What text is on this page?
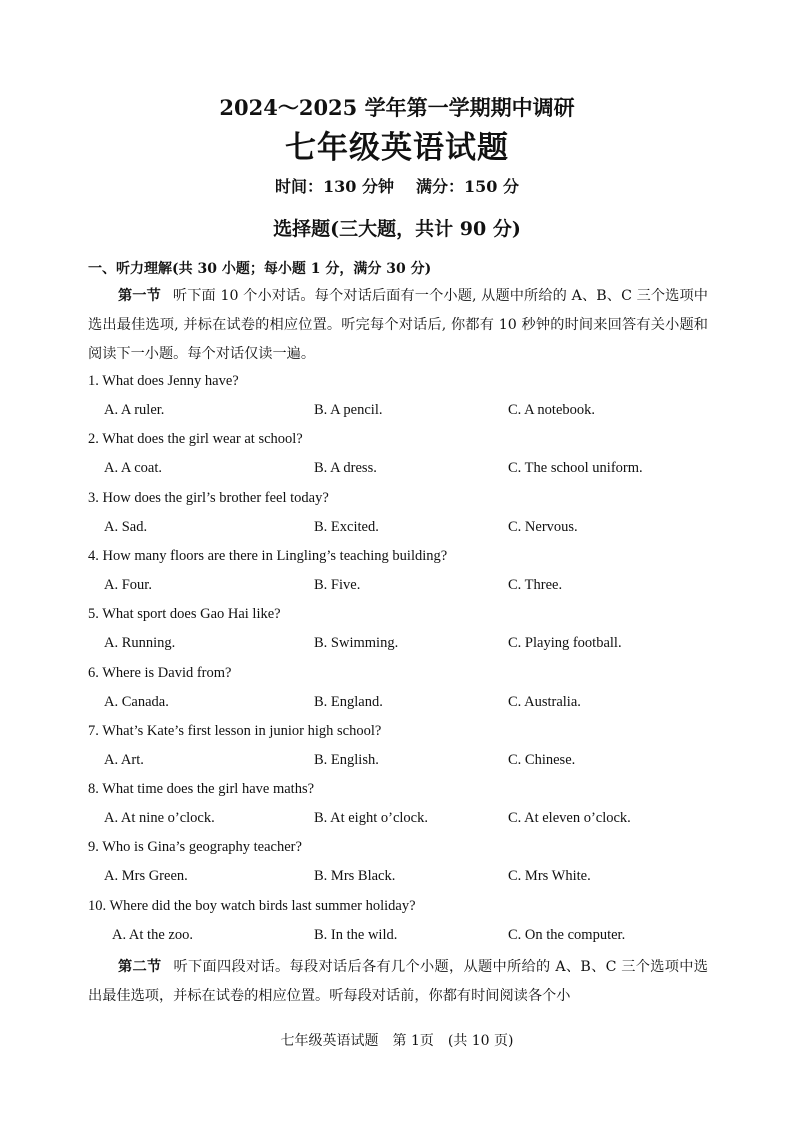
2024～2025 学年第一学期期中调研
七年级英语试题
时间：130 分钟 满分：150 分
选择题(三大题，共计 90 分)
一、听力理解(共 30 小题；每小题 1 分，满分 30 分)
第一节 听下面 10 个小对话。每个对话后面有一个小题, 从题中所给的 A、B、C 三个选项中选出最佳选项, 并标在试卷的相应位置。听完每个对话后, 你都有 10 秒钟的时间来回答有关小题和阅读下一小题。每个对话仅读一遍。
1. What does Jenny have?
A. A ruler.	B. A pencil.	C. A notebook.
2. What does the girl wear at school?
A. A coat.	B. A dress.	C. The school uniform.
3. How does the girl’s brother feel today?
A. Sad.	B. Excited.	C. Nervous.
4. How many floors are there in Lingling’s teaching building?
A. Four.	B. Five.	C. Three.
5. What sport does Gao Hai like?
A. Running.	B. Swimming.	C. Playing football.
6. Where is David from?
A. Canada.	B. England.	C. Australia.
7. What’s Kate’s first lesson in junior high school?
A. Art.	B. English.	C. Chinese.
8. What time does the girl have maths?
A. At nine o’clock.	B. At eight o’clock.	C. At eleven o’clock.
9. Who is Gina’s geography teacher?
A. Mrs Green.	B. Mrs Black.	C. Mrs White.
10. Where did the boy watch birds last summer holiday?
A. At the zoo.	B. In the wild.	C. On the computer.
第二节 听下面四段对话。每段对话后各有几个小题，从题中所给的 A、B、C 三个选项中选出最佳选项，并标在试卷的相应位置。听每段对话前，你都有时间阅读各个小
七年级英语试题 第 1页 (共 10 页)
